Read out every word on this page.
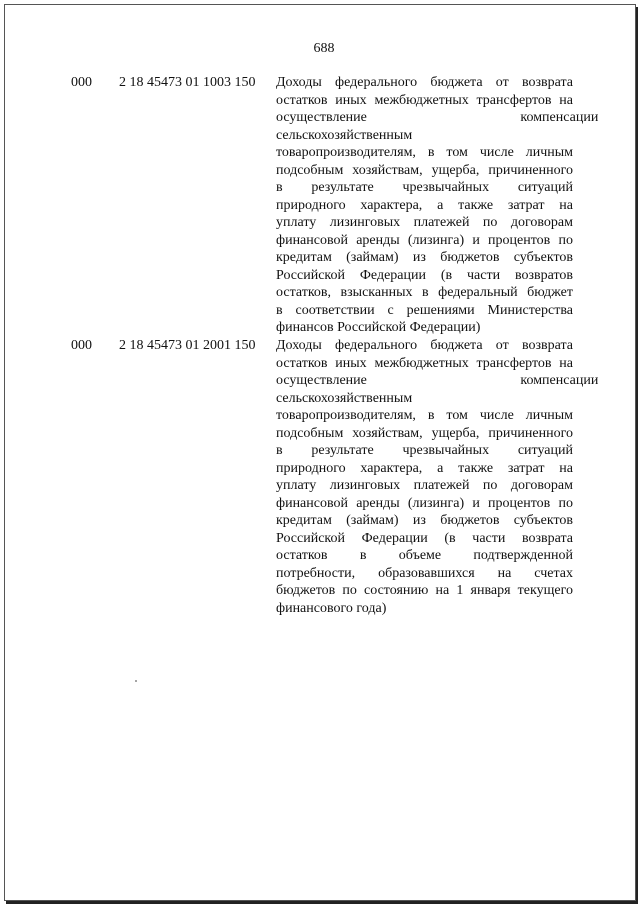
688
000 2 18 45473 01 1003 150 Доходы федерального бюджета от возврата
остатков иных межбюджетных трансфертов на
осуществление компенсации
сельскохозяйственным
товаропроизводителям, в том числе личным
подсобным хозяйствам, ущерба, причиненного
в результате чрезвычайных ситуаций
природного характера, а также затрат на
уплату лизинговых платежей по договорам
финансовой аренды (лизинга) и процентов по
кредитам (займам) из бюджетов субъектов
Российской Федерации (в части возвратов
остатков, взысканных в федеральный бюджет
в соответствии с решениями Министерства
финансов Российской Федерации)

000 2 18 45473 01 2001 150 Доходы федерального бюджета от возврата
остатков иных межбюджетных трансфертов на
осуществление компенсации
сельскохозяйственным
товаропроизводителям, в том числе личным
подсобным хозяйствам, ущерба, причиненного
в результате чрезвычайных ситуаций
природного характера, а также затрат на
уплату лизинговых платежей по договорам
финансовой аренды (лизинга) и процентов по
кредитам (займам) из бюджетов субъектов
Российской Федерации (в части возврата
остатков в объеме подтвержденной
потребности, образовавшихся на счетах
бюджетов по состоянию на 1 января текущего
финансового года)
